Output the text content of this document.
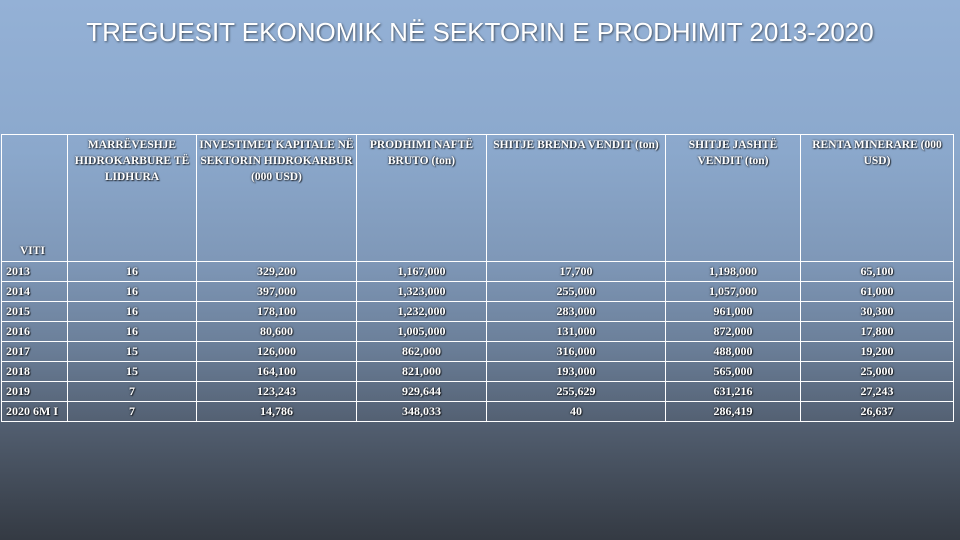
TREGUESIT EKONOMIK NË SEKTORIN E PRODHIMIT 2013-2020
VITI	MARRËVESHJE HIDROKARBURE TË LIDHURA	INVESTIMET KAPITALE NË SEKTORIN HIDROKARBUR (000 USD)	PRODHIMI NAFTË BRUTO (ton)	SHITJE BRENDA VENDIT (ton)	SHITJE JASHTË VENDIT (ton)	RENTA MINERARE (000 USD)
2013	16	329,200	1,167,000	17,700	1,198,000	65,100
2014	16	397,000	1,323,000	255,000	1,057,000	61,000
2015	16	178,100	1,232,000	283,000	961,000	30,300
2016	16	80,600	1,005,000	131,000	872,000	17,800
2017	15	126,000	862,000	316,000	488,000	19,200
2018	15	164,100	821,000	193,000	565,000	25,000
2019	7	123,243	929,644	255,629	631,216	27,243
2020 6M I	7	14,786	348,033	40	286,419	26,637
